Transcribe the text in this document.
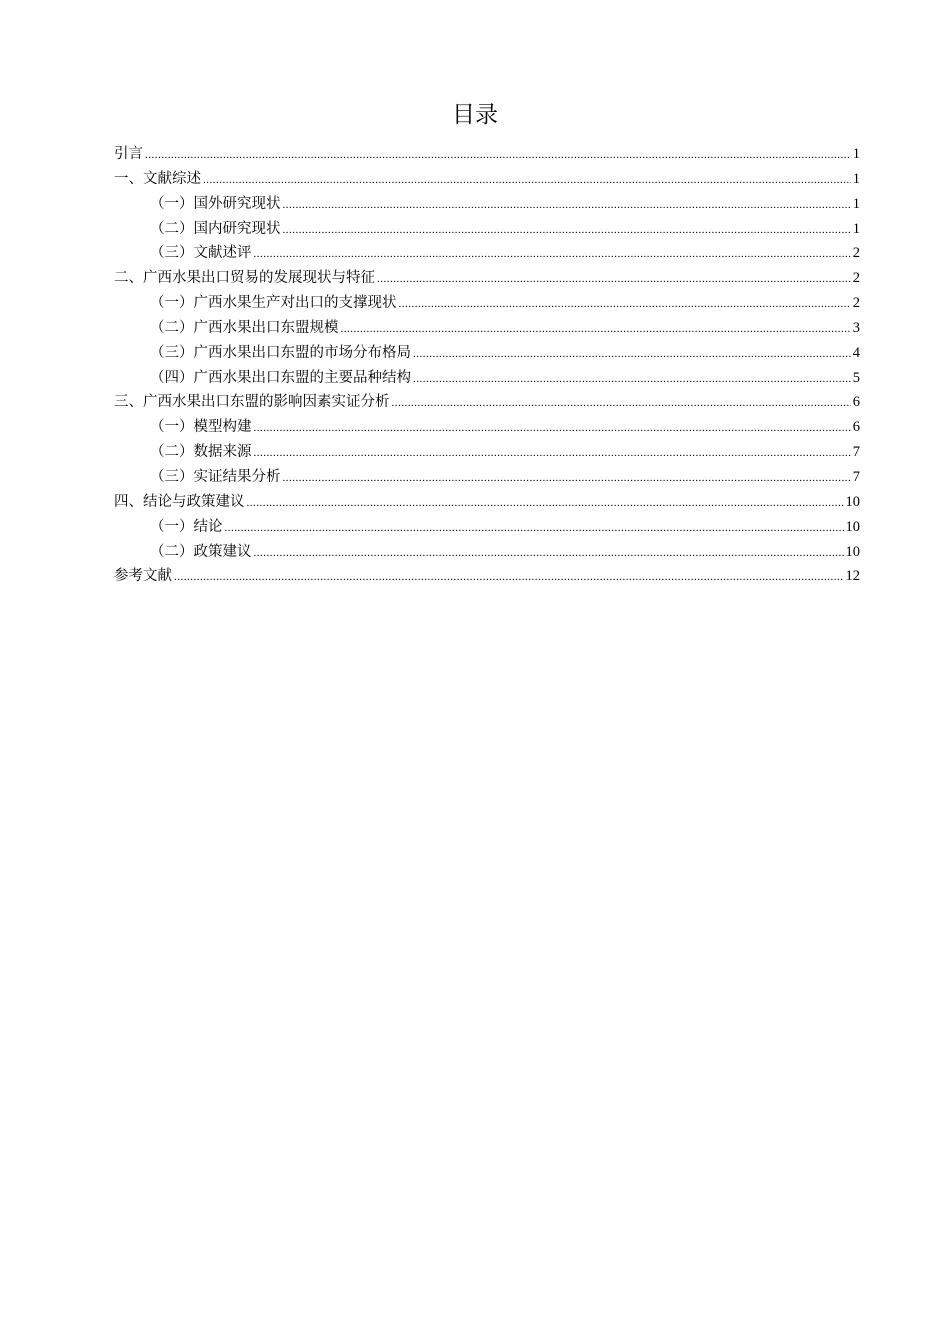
目录
引言 .....	1
一、文献综述 .....	1
（一）国外研究现状 .....	1
（二）国内研究现状 .....	1
（三）文献述评 .....	2
二、广西水果出口贸易的发展现状与特征 .....	2
（一）广西水果生产对出口的支撑现状 .....	2
（二）广西水果出口东盟规模 .....	3
（三）广西水果出口东盟的市场分布格局 .....	4
（四）广西水果出口东盟的主要品种结构 .....	5
三、广西水果出口东盟的影响因素实证分析 .....	6
（一）模型构建 .....	6
（二）数据来源 .....	7
（三）实证结果分析 .....	7
四、结论与政策建议 .....	10
（一）结论 .....	10
（二）政策建议 .....	10
参考文献 .....	12
